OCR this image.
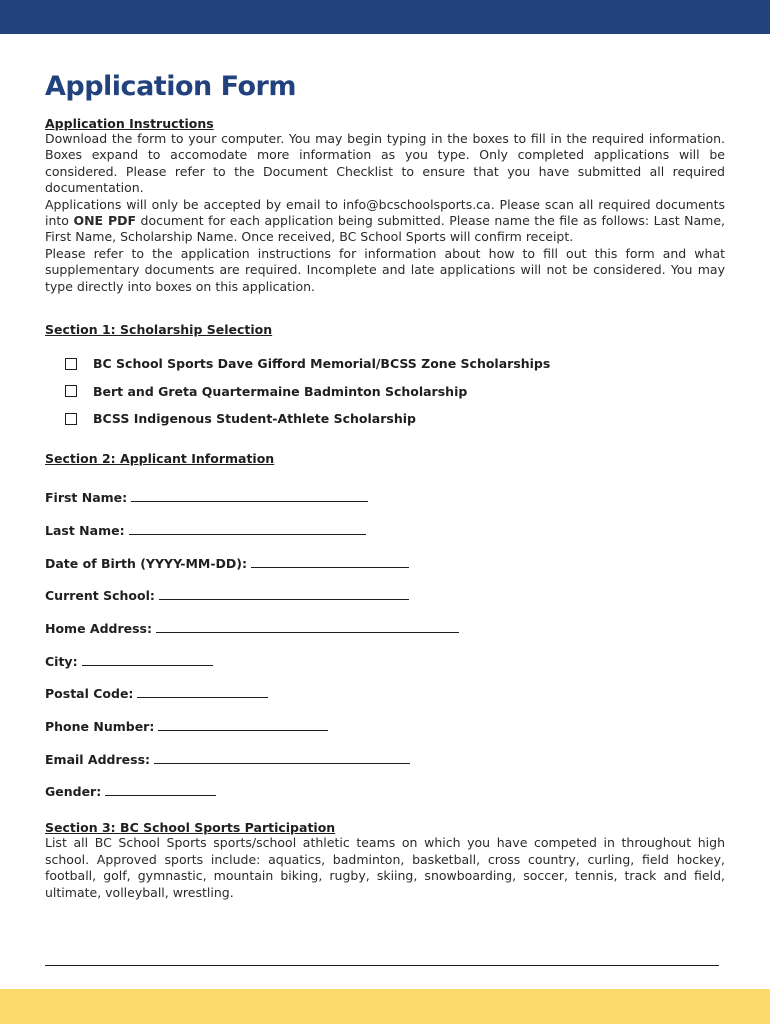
Application Form
Application Instructions

Download the form to your computer. You may begin typing in the boxes to fill in the required information. Boxes expand to accomodate more information as you type. Only completed applications will be considered. Please refer to the Document Checklist to ensure that you have submitted all required documentation.

Applications will only be accepted by email to info@bcschoolsports.ca. Please scan all required documents into ONE PDF document for each application being submitted. Please name the file as follows: Last Name, First Name, Scholarship Name. Once received, BC School Sports will confirm receipt.

Please refer to the application instructions for information about how to fill out this form and what supplementary documents are required. Incomplete and late applications will not be considered. You may type directly into boxes on this application.

Section 1: Scholarship Selection
BC School Sports Dave Gifford Memorial/BCSS Zone Scholarships
Bert and Greta Quartermaine Badminton Scholarship
BCSS Indigenous Student-Athlete Scholarship
Section 2: Applicant Information
First Name:
Last Name:
Date of Birth (YYYY-MM-DD):
Current School:
Home Address:
City:
Postal Code:
Phone Number:
Email Address:
Gender:
Section 3: BC School Sports Participation

List all BC School Sports sports/school athletic teams on which you have competed in throughout high school. Approved sports include: aquatics, badminton, basketball, cross country, curling, field hockey, football, golf, gymnastic, mountain biking, rugby, skiing, snowboarding, soccer, tennis, track and field, ultimate, volleyball, wrestling.
